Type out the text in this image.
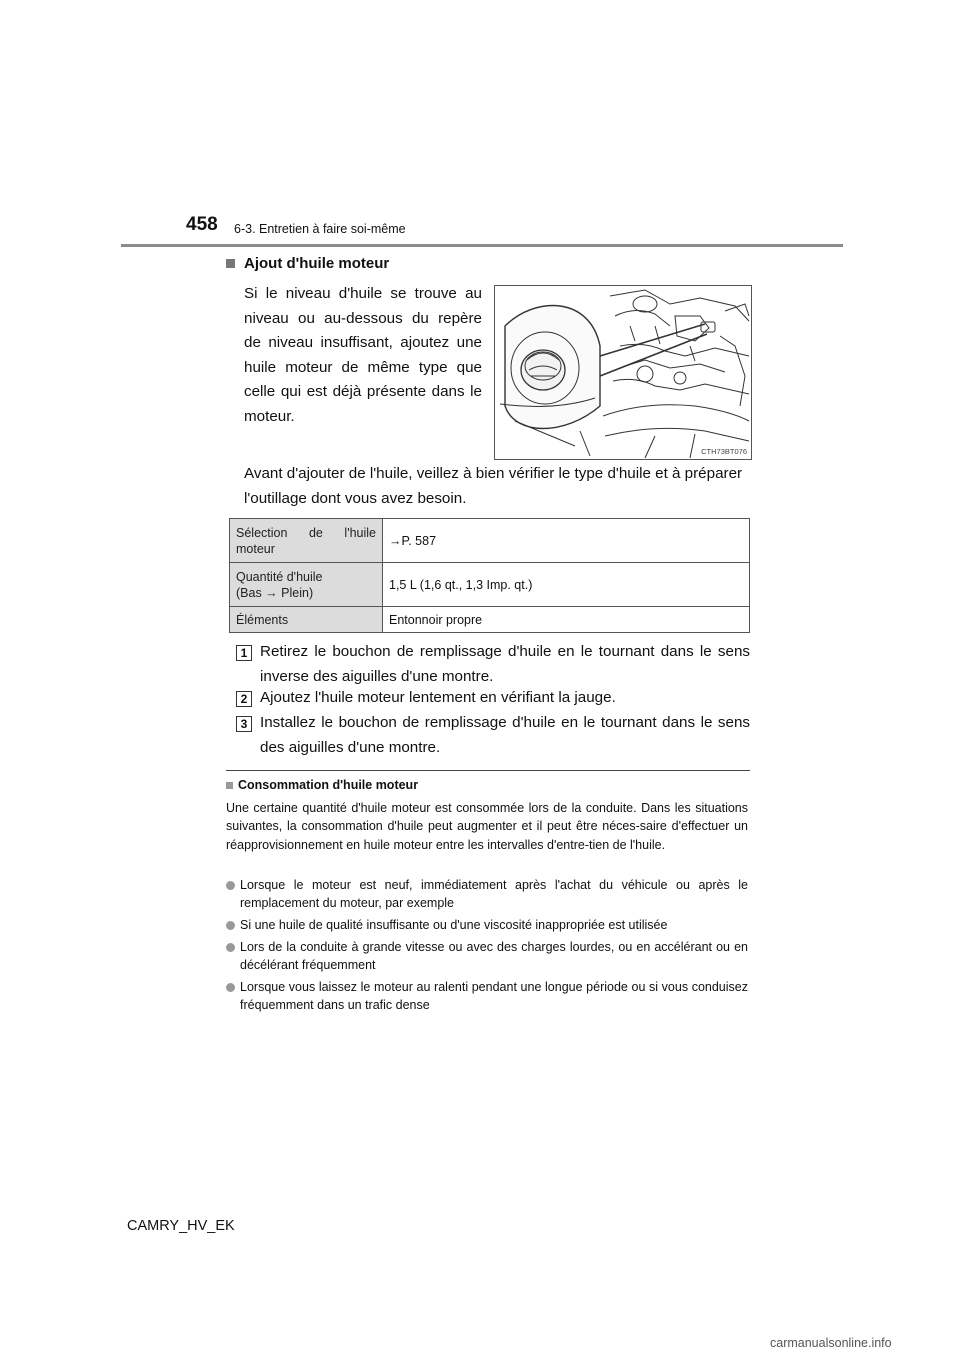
458 6-3. Entretien à faire soi-même
Ajout d'huile moteur
Si le niveau d'huile se trouve au niveau ou au-dessous du repère de niveau insuffisant, ajoutez une huile moteur de même type que celle qui est déjà présente dans le moteur.
CTH73BT076
Avant d'ajouter de l'huile, veillez à bien vérifier le type d'huile et à préparer l'outillage dont vous avez besoin.
Sélection de l'huile moteur	→P. 587

Quantité d'huile
(Bas → Plein)	1,5 L (1,6 qt., 1,3 Imp. qt.)
Éléments	Entonnoir propre
1 Retirez le bouchon de remplissage d'huile en le tournant dans le sens inverse des aiguilles d'une montre.
2 Ajoutez l'huile moteur lentement en vérifiant la jauge.
3 Installez le bouchon de remplissage d'huile en le tournant dans le sens des aiguilles d'une montre.
Consommation d'huile moteur
Une certaine quantité d'huile moteur est consommée lors de la conduite. Dans les situations suivantes, la consommation d'huile peut augmenter et il peut être néces-saire d'effectuer un réapprovisionnement en huile moteur entre les intervalles d'entre-tien de l'huile.
Lorsque le moteur est neuf, immédiatement après l'achat du véhicule ou après le remplacement du moteur, par exemple
Si une huile de qualité insuffisante ou d'une viscosité inappropriée est utilisée
Lors de la conduite à grande vitesse ou avec des charges lourdes, ou en accélérant ou en décélérant fréquemment
Lorsque vous laissez le moteur au ralenti pendant une longue période ou si vous conduisez fréquemment dans un trafic dense
CAMRY_HV_EK
carmanualsonline.info
